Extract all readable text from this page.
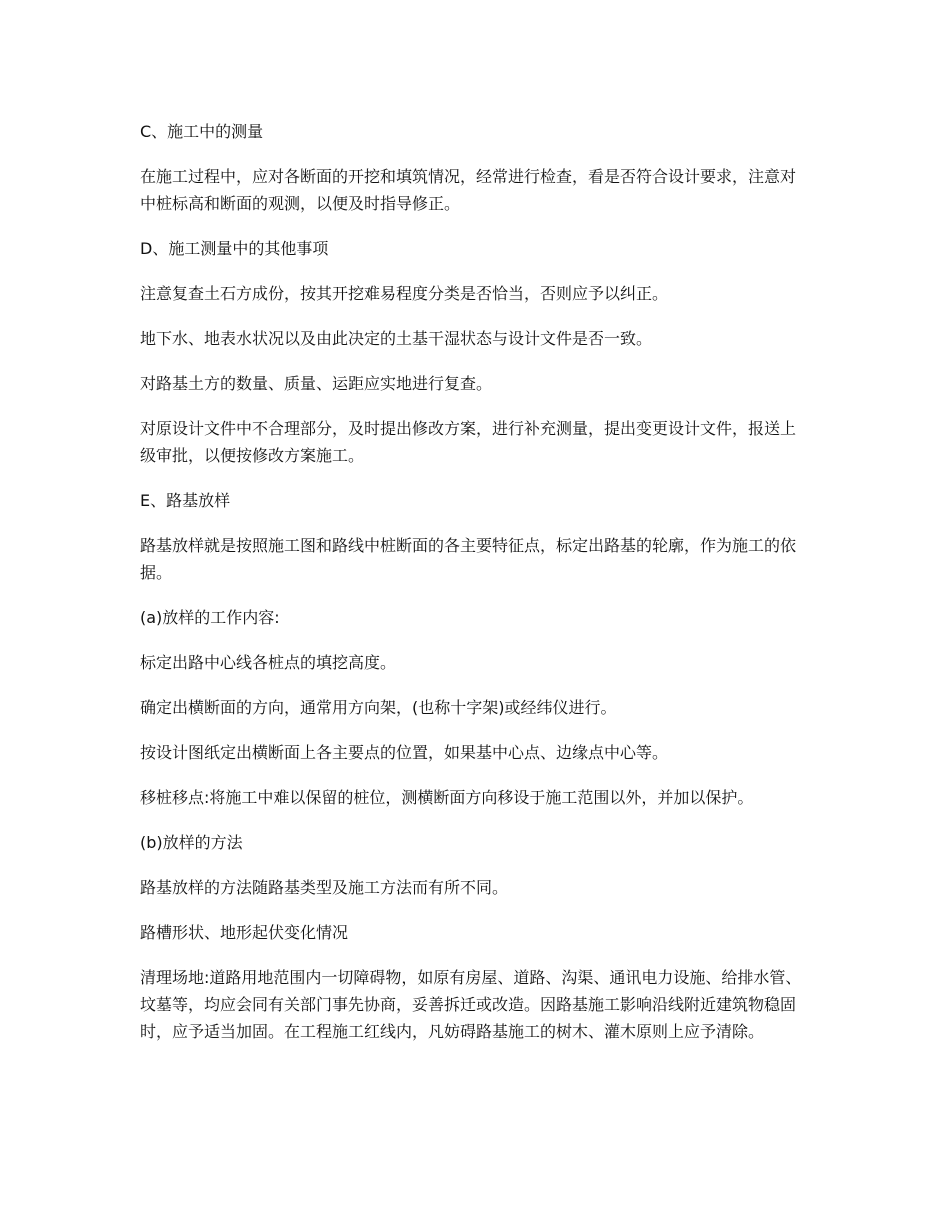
C、施工中的测量

在施工过程中，应对各断面的开挖和填筑情况，经常进行检查，看是否符合设计要求，注意对中桩标高和断面的观测，以便及时指导修正。

D、施工测量中的其他事项

注意复查土石方成份，按其开挖难易程度分类是否恰当，否则应予以纠正。

地下水、地表水状况以及由此决定的土基干湿状态与设计文件是否一致。

对路基土方的数量、质量、运距应实地进行复查。

对原设计文件中不合理部分，及时提出修改方案，进行补充测量，提出变更设计文件，报送上级审批，以便按修改方案施工。

E、路基放样

路基放样就是按照施工图和路线中桩断面的各主要特征点，标定出路基的轮廓，作为施工的依据。

(a)放样的工作内容:

标定出路中心线各桩点的填挖高度。

确定出横断面的方向，通常用方向架，(也称十字架)或经纬仪进行。

按设计图纸定出横断面上各主要点的位置，如果基中心点、边缘点中心等。

移桩移点:将施工中难以保留的桩位，测横断面方向移设于施工范围以外，并加以保护。

(b)放样的方法

路基放样的方法随路基类型及施工方法而有所不同。

路槽形状、地形起伏变化情况

清理场地:道路用地范围内一切障碍物，如原有房屋、道路、沟渠、通讯电力设施、给排水管、坟墓等，均应会同有关部门事先协商，妥善拆迁或改造。因路基施工影响沿线附近建筑物稳固时，应予适当加固。在工程施工红线内，凡妨碍路基施工的树木、灌木原则上应予清除。
